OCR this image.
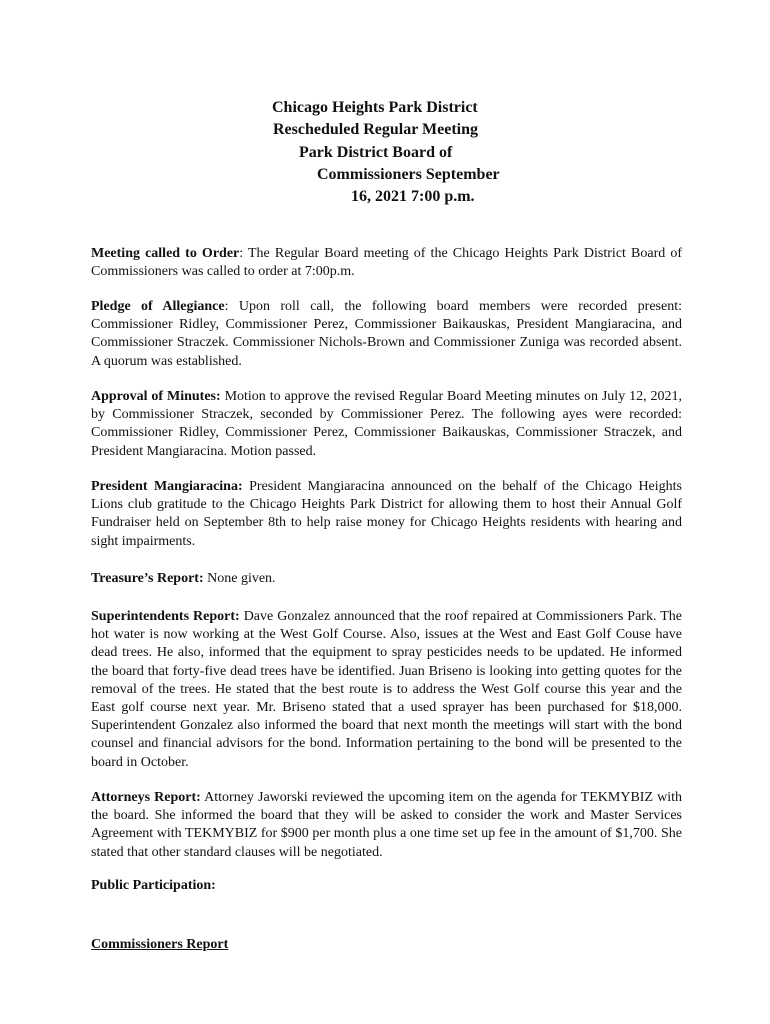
Chicago Heights Park District
Rescheduled Regular Meeting
Park District Board of
Commissioners September
16, 2021 7:00 p.m.
Meeting called to Order: The Regular Board meeting of the Chicago Heights Park District Board of Commissioners was called to order at 7:00p.m.
Pledge of Allegiance: Upon roll call, the following board members were recorded present: Commissioner Ridley, Commissioner Perez, Commissioner Baikauskas, President Mangiaracina, and Commissioner Straczek. Commissioner Nichols-Brown and Commissioner Zuniga was recorded absent. A quorum was established.
Approval of Minutes: Motion to approve the revised Regular Board Meeting minutes on July 12, 2021, by Commissioner Straczek, seconded by Commissioner Perez. The following ayes were recorded: Commissioner Ridley, Commissioner Perez, Commissioner Baikauskas, Commissioner Straczek, and President Mangiaracina. Motion passed.
President Mangiaracina: President Mangiaracina announced on the behalf of the Chicago Heights Lions club gratitude to the Chicago Heights Park District for allowing them to host their Annual Golf Fundraiser held on September 8th to help raise money for Chicago Heights residents with hearing and sight impairments.
Treasure’s Report: None given.
Superintendents Report: Dave Gonzalez announced that the roof repaired at Commissioners Park. The hot water is now working at the West Golf Course. Also, issues at the West and East Golf Couse have dead trees. He also, informed that the equipment to spray pesticides needs to be updated. He informed the board that forty-five dead trees have be identified. Juan Briseno is looking into getting quotes for the removal of the trees. He stated that the best route is to address the West Golf course this year and the East golf course next year. Mr. Briseno stated that a used sprayer has been purchased for $18,000. Superintendent Gonzalez also informed the board that next month the meetings will start with the bond counsel and financial advisors for the bond. Information pertaining to the bond will be presented to the board in October.
Attorneys Report: Attorney Jaworski reviewed the upcoming item on the agenda for TEKMYBIZ with the board. She informed the board that they will be asked to consider the work and Master Services Agreement with TEKMYBIZ for $900 per month plus a one time set up fee in the amount of $1,700. She stated that other standard clauses will be negotiated.
Public Participation:
Commissioners Report
